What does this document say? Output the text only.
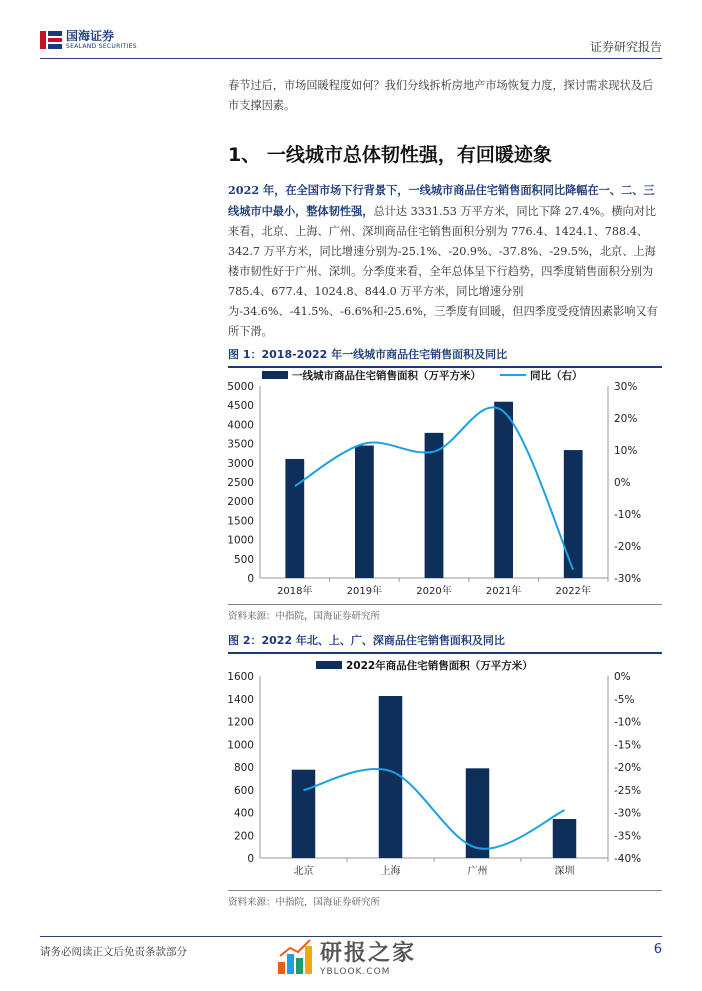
国海证券
SEALAND SECURITIES	证券研究报告

春节过后，市场回暖程度如何？我们分线拆析房地产市场恢复力度，探讨需求现状及后市支撑因素。

1、 一线城市总体韧性强，有回暖迹象

2022 年，在全国市场下行背景下，一线城市商品住宅销售面积同比降幅在一、二、三线城市中最小，整体韧性强，总计达 3331.53 万平方米，同比下降 27.4%。横向对比来看，北京、上海、广州、深圳商品住宅销售面积分别为 776.4、1424.1、788.4、342.7 万平方米，同比增速分别为-25.1%、-20.9%、-37.8%、-29.5%，北京、上海楼市韧性好于广州、深圳。分季度来看，全年总体呈下行趋势，四季度销售面积分别为 785.4、677.4、1024.8、844.0 万平方米，同比增速分别为-34.6%、-41.5%、-6.6%和-25.6%，三季度有回暖，但四季度受疫情因素影响又有所下滑。

图 1：2018-2022 年一线城市商品住宅销售面积及同比
0
500
1000
1500
2000
2500
3000
3500
4000
4500
5000
-30%
-20%
-10%
0%
10%
20%
30%
2018年	2019年	2020年	2021年	2022年
一线城市商品住宅销售面积（万平方米）	同比（右）
资料来源：中指院，国海证券研究所
图 2：2022 年北、上、广、深商品住宅销售面积及同比
0
200
400
600
800
1000
1200
1400
1600
-40%
-35%
-30%
-25%
-20%
-15%
-10%
-5%
0%
北京	上海	广州	深圳
2022年商品住宅销售面积（万平方米）
资料来源：中指院，国海证券研究所
请务必阅读正文后免责条款部分	研报之家
YBLOOK.COM
6
